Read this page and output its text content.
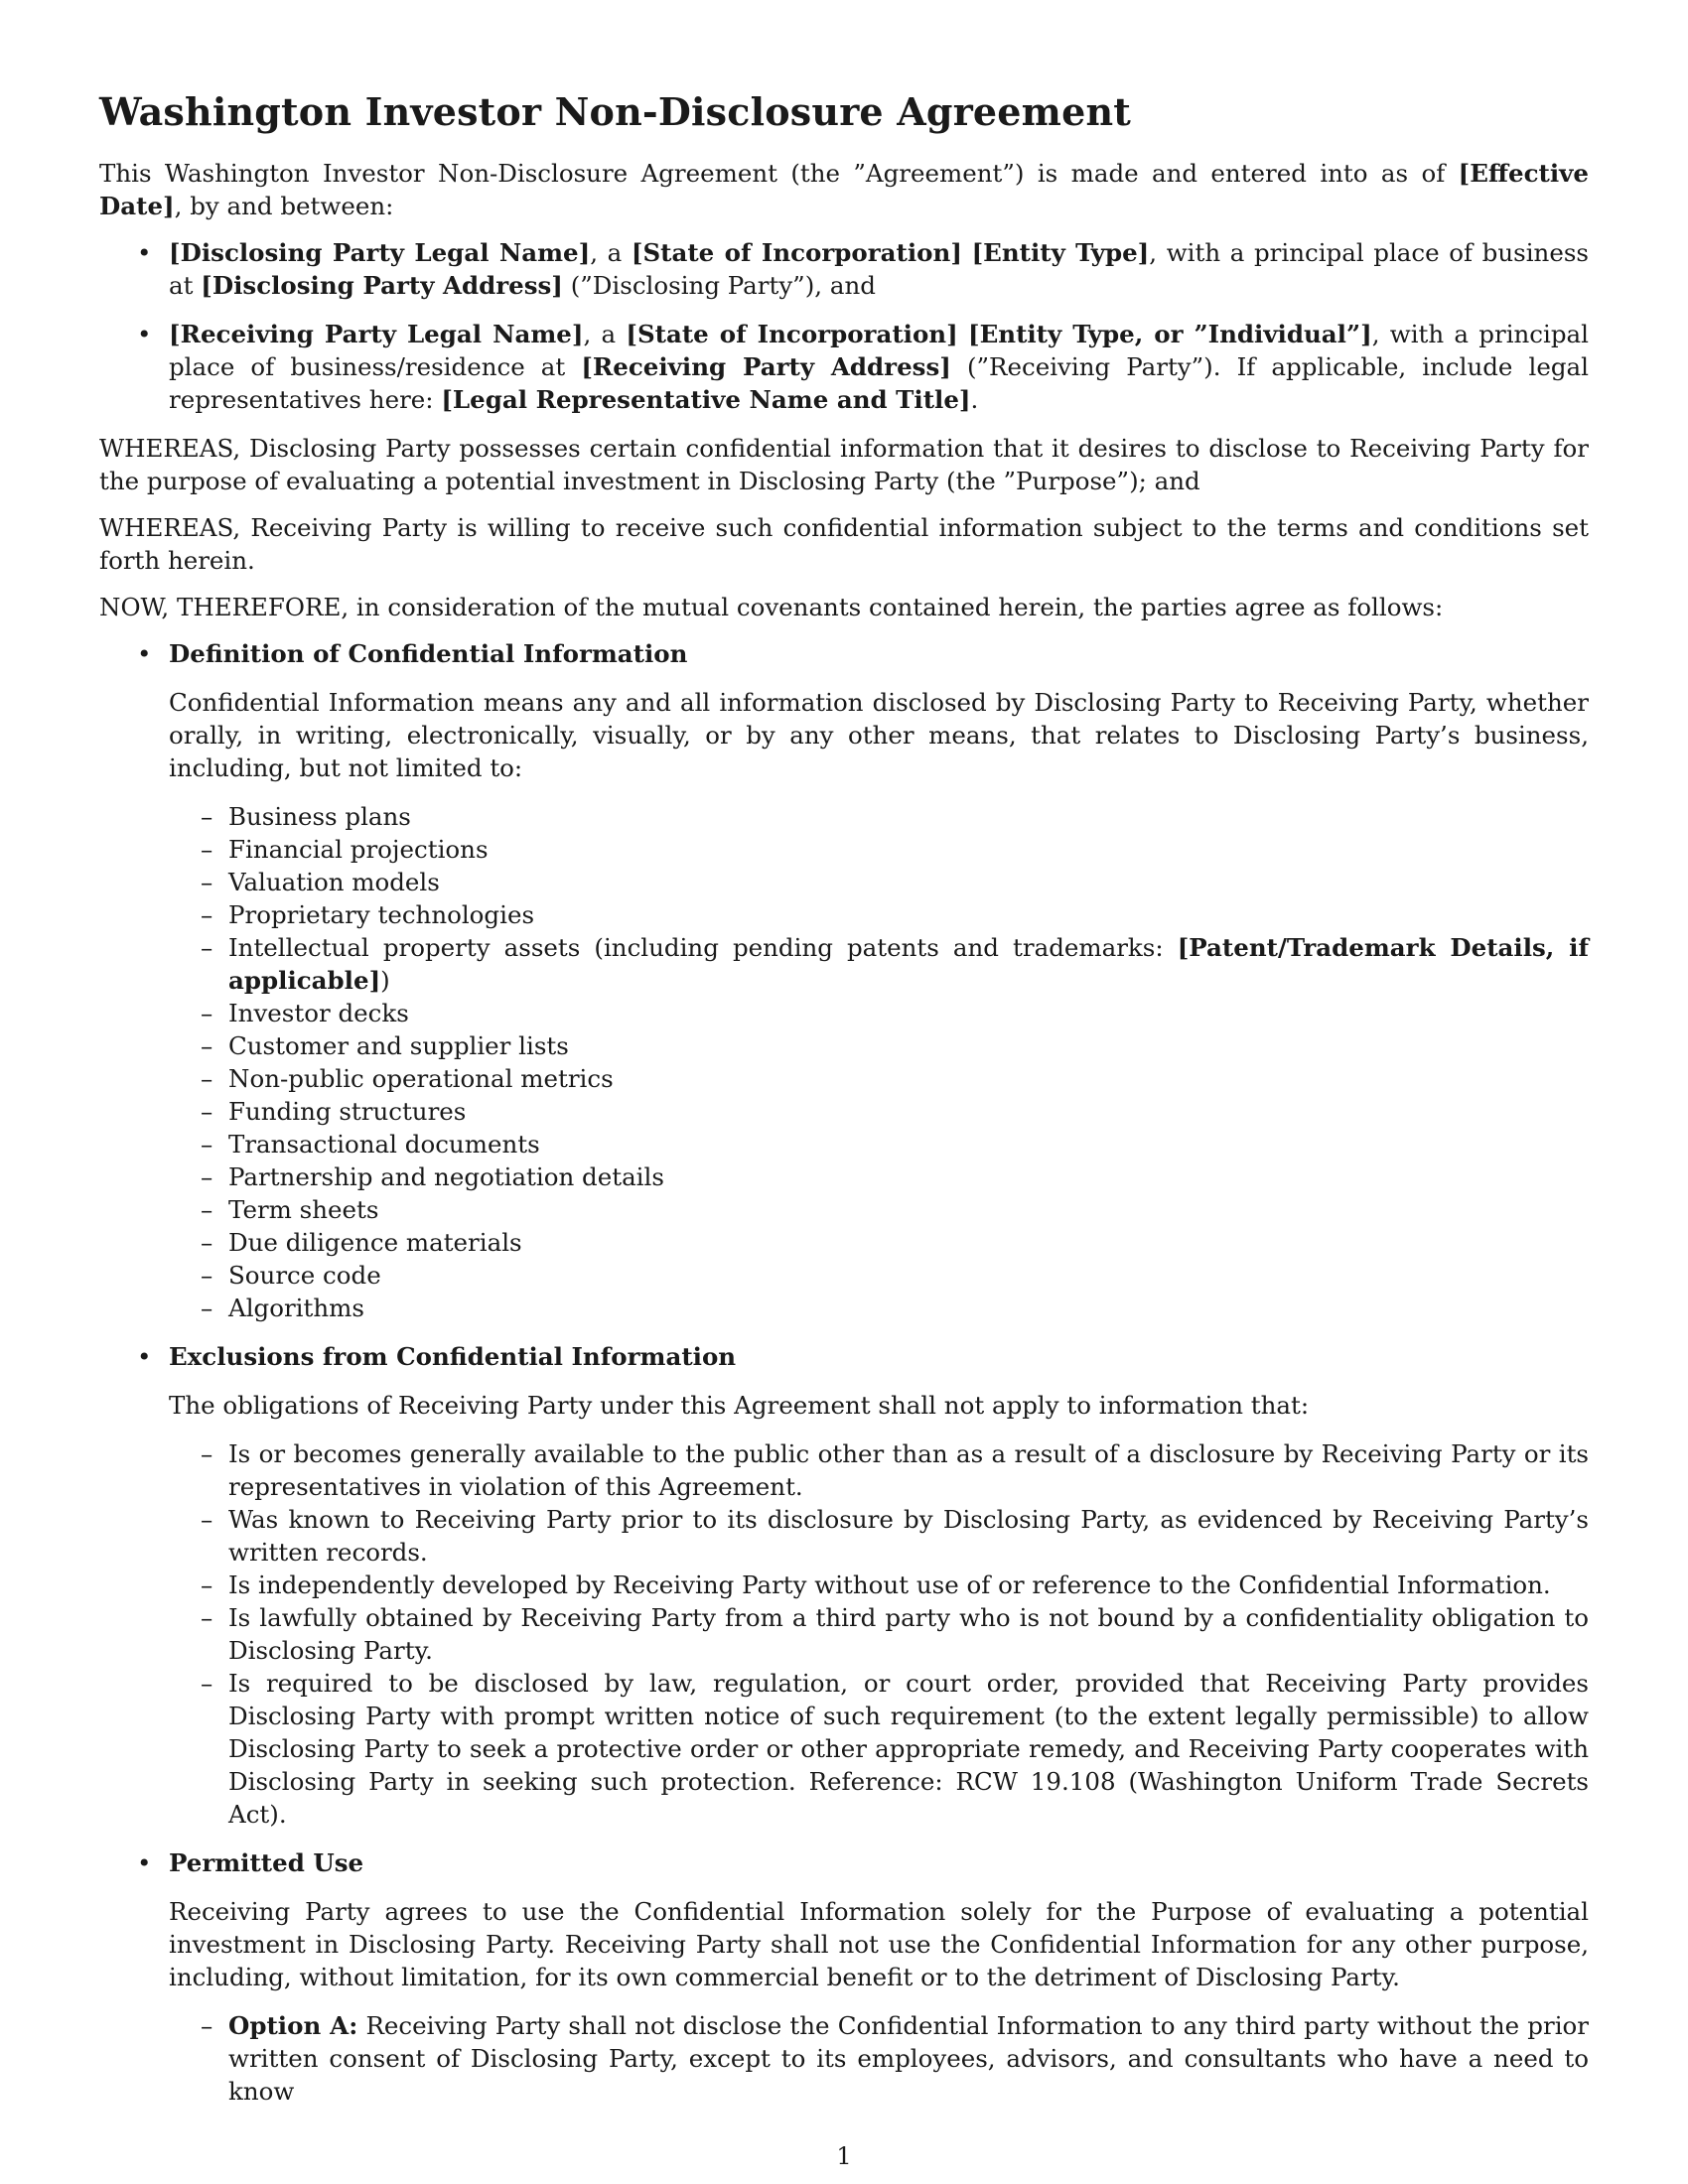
Washington Investor Non-Disclosure Agreement

This Washington Investor Non-Disclosure Agreement (the ”Agreement”) is made and entered into as of [Effective Date], by and between:

• [Disclosing Party Legal Name], a [State of Incorporation] [Entity Type], with a principal place of business at [Disclosing Party Address] (”Disclosing Party”), and
• [Receiving Party Legal Name], a [State of Incorporation] [Entity Type, or ”Individual”], with a principal place of business/residence at [Receiving Party Address] (”Receiving Party”). If applicable, include legal representatives here: [Legal Representative Name and Title].

WHEREAS, Disclosing Party possesses certain confidential information that it desires to disclose to Receiving Party for the purpose of evaluating a potential investment in Disclosing Party (the ”Purpose”); and

WHEREAS, Receiving Party is willing to receive such confidential information subject to the terms and conditions set forth herein.

NOW, THEREFORE, in consideration of the mutual covenants contained herein, the parties agree as follows:

• Definition of Confidential Information

Confidential Information means any and all information disclosed by Disclosing Party to Receiving Party, whether orally, in writing, electronically, visually, or by any other means, that relates to Disclosing Party’s business, including, but not limited to:

– Business plans
– Financial projections
– Valuation models
– Proprietary technologies
– Intellectual property assets (including pending patents and trademarks: [Patent/Trademark Details, if applicable])
– Investor decks
– Customer and supplier lists
– Non-public operational metrics
– Funding structures
– Transactional documents
– Partnership and negotiation details
– Term sheets
– Due diligence materials
– Source code
– Algorithms
• Exclusions from Confidential Information

The obligations of Receiving Party under this Agreement shall not apply to information that:

– Is or becomes generally available to the public other than as a result of a disclosure by Receiving Party or its representatives in violation of this Agreement.
– Was known to Receiving Party prior to its disclosure by Disclosing Party, as evidenced by Receiving Party’s written records.
– Is independently developed by Receiving Party without use of or reference to the Confidential Information.
– Is lawfully obtained by Receiving Party from a third party who is not bound by a confidentiality obligation to Disclosing Party.
– Is required to be disclosed by law, regulation, or court order, provided that Receiving Party provides Disclosing Party with prompt written notice of such requirement (to the extent legally permissible) to allow Disclosing Party to seek a protective order or other appropriate remedy, and Receiving Party cooperates with Disclosing Party in seeking such protection. Reference: RCW 19.108 (Washington Uniform Trade Secrets Act).
• Permitted Use

Receiving Party agrees to use the Confidential Information solely for the Purpose of evaluating a potential investment in Disclosing Party. Receiving Party shall not use the Confidential Information for any other purpose, including, without limitation, for its own commercial benefit or to the detriment of Disclosing Party.

– Option A: Receiving Party shall not disclose the Confidential Information to any third party without the prior written consent of Disclosing Party, except to its employees, advisors, and consultants who have a need to know
1
